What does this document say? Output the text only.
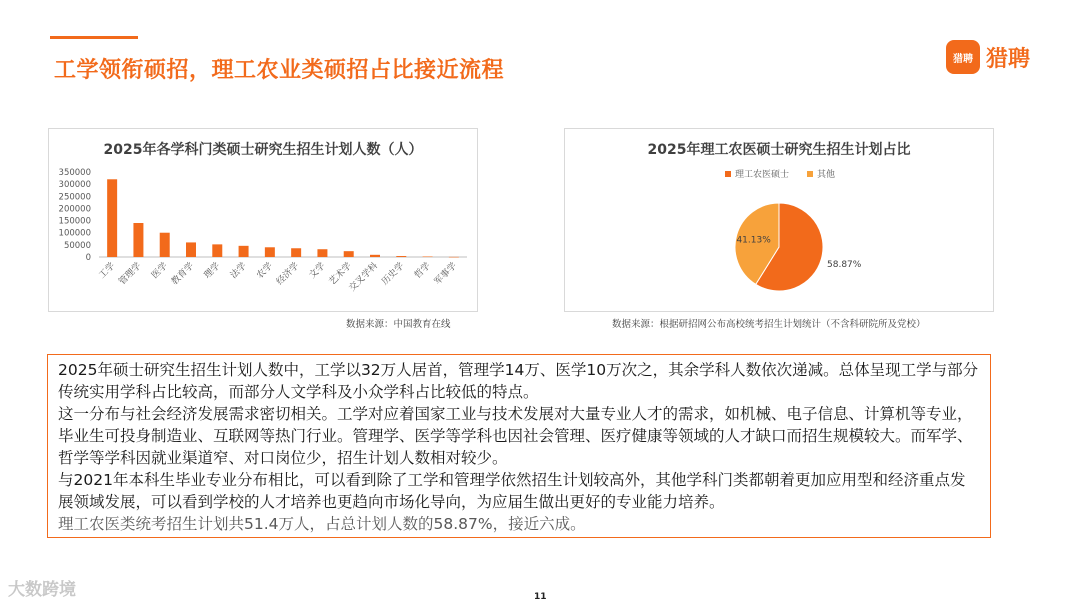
工学领衔硕招，理工农业类硕招占比接近流程	猎聘 猎聘
2025年各学科门类硕士研究生招生计划人数（人）
0
50000
100000
150000
200000
250000
300000
350000
工学 管理学 医学 教育学 理学 法学 农学 经济学 文学 艺术学
交叉学科 历史学 哲学 军事学
数据来源：中国教育在线
2025年理工农医硕士研究生招生计划占比
58.87%
41.13%
理工农医硕士	其他
数据来源：根据研招网公布高校统考招生计划统计（不含科研院所及党校）

2025年硕士研究生招生计划人数中，工学以32万人居首，管理学14万、医学10万次之，其余学科人数依次递减。总体呈现工学与部分传统实用学科占比较高，而部分人文学科及小众学科占比较低的特点。

这一分布与社会经济发展需求密切相关。工学对应着国家工业与技术发展对大量专业人才的需求，如机械、电子信息、计算机等专业，毕业生可投身制造业、互联网等热门行业。管理学、医学等学科也因社会管理、医疗健康等领域的人才缺口而招生规模较大。而军学、哲学等学科因就业渠道窄、对口岗位少，招生计划人数相对较少。

与2021年本科生毕业专业分布相比，可以看到除了工学和管理学依然招生计划较高外，其他学科门类都朝着更加应用型和经济重点发展领域发展，可以看到学校的人才培养也更趋向市场化导向，为应届生做出更好的专业能力培养。

理工农医类统考招生计划共51.4万人，占总计划人数的58.87%，接近六成。

大数跨境	11
